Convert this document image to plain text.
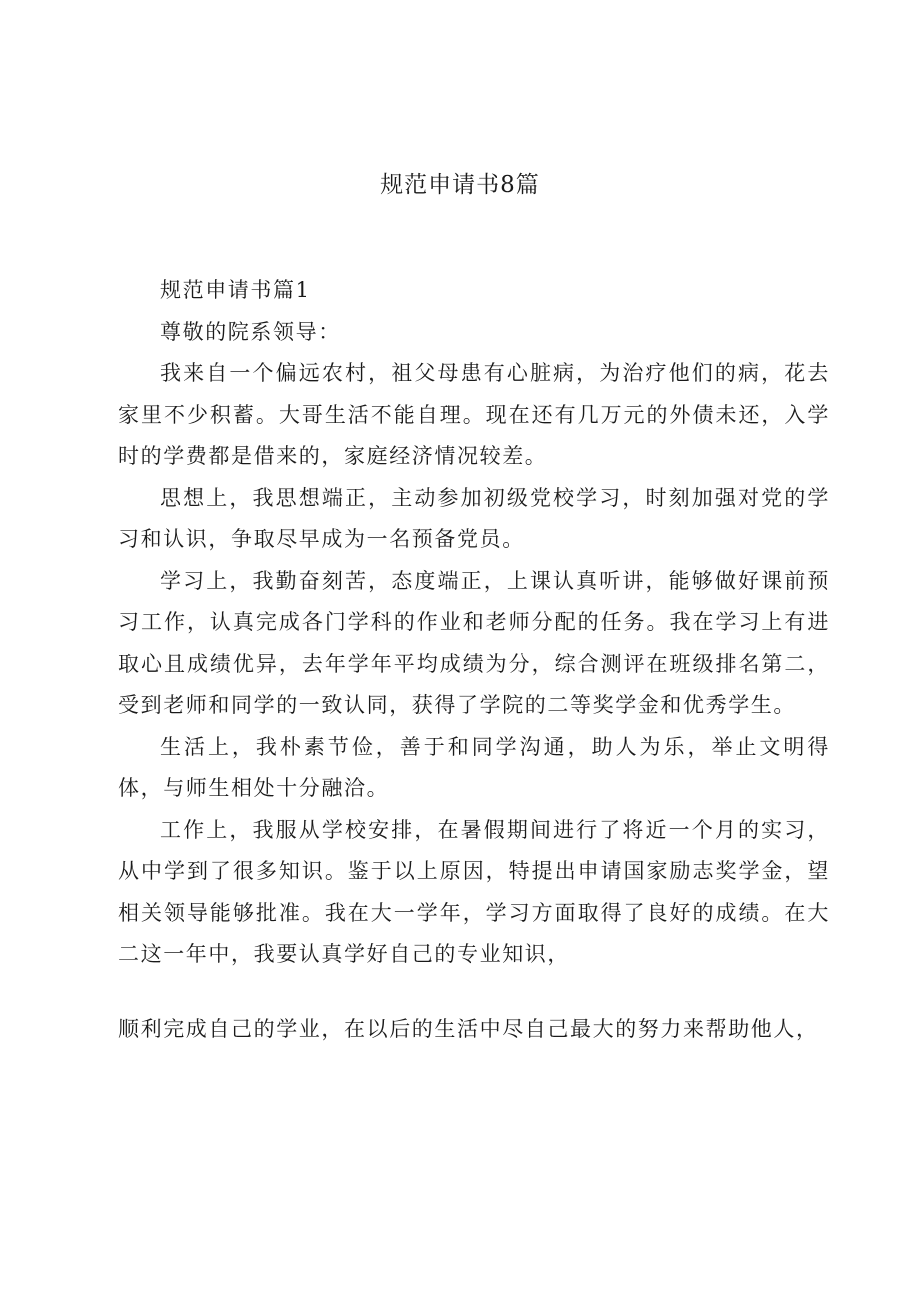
规范申请书8篇

规范申请书篇1

尊敬的院系领导：

我来自一个偏远农村，祖父母患有心脏病，为治疗他们的病，花去家里不少积蓄。大哥生活不能自理。现在还有几万元的外债未还，入学时的学费都是借来的，家庭经济情况较差。

思想上，我思想端正，主动参加初级党校学习，时刻加强对党的学习和认识，争取尽早成为一名预备党员。

学习上，我勤奋刻苦，态度端正，上课认真听讲，能够做好课前预习工作，认真完成各门学科的作业和老师分配的任务。我在学习上有进取心且成绩优异，去年学年平均成绩为分，综合测评在班级排名第二，受到老师和同学的一致认同，获得了学院的二等奖学金和优秀学生。

生活上，我朴素节俭，善于和同学沟通，助人为乐，举止文明得体，与师生相处十分融洽。

工作上，我服从学校安排，在暑假期间进行了将近一个月的实习，从中学到了很多知识。鉴于以上原因，特提出申请国家励志奖学金，望相关领导能够批准。我在大一学年，学习方面取得了良好的成绩。在大二这一年中，我要认真学好自己的专业知识，

顺利完成自己的学业，在以后的生活中尽自己最大的努力来帮助他人，
